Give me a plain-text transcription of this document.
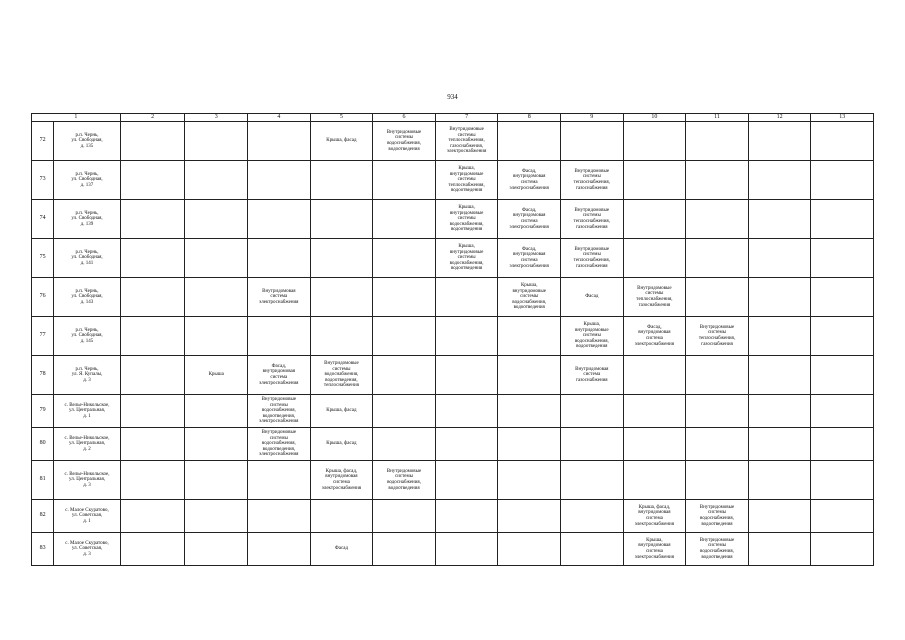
934
1		2	3	4	5	6	7	8	9	10	11	12	13
72	р.п. Чернь,
ул. Свободная,
д. 135				Крыша, фасад	Внутридомовые
системы
водоснабжения,
водоотведения	Внутридомовые
системы
теплоснабжения,
газоснабжения,
электроснабжения						
73	р.п. Чернь,
ул. Свободная,
д. 137						Крыша,
внутридомовые
системы
теплоснабжения,
водоотведения	Фасад,
внутридомовая
система
электроснабжения	Внутридомовые
системы
теплоснабжения,
газоснабжения				
74	р.п. Чернь,
ул. Свободная,
д. 139						Крыша,
внутридомовые
системы
водоснабжения,
водоотведения	Фасад,
внутридомовая
система
электроснабжения	Внутридомовые
системы
теплоснабжения,
газоснабжения				
75	р.п. Чернь,
ул. Свободная,
д. 141						Крыша,
внутридомовые
системы
водоснабжения,
водоотведения	Фасад,
внутридомовая
система
электроснабжения	Внутридомовые
системы
теплоснабжения,
газоснабжения				
76	р.п. Чернь,
ул. Свободная,
д. 143			Внутридомовая
система
электроснабжения				Крыша,
внутридомовые
системы
водоснабжения,
водоотведения	Фасад	Внутридомовые
системы
теплоснабжения,
газоснабжения			
77	р.п. Чернь,
ул. Свободная,
д. 145								Крыша,
внутридомовые
системы
водоснабжения,
водоотведения	Фасад,
внутридомовая
система
электроснабжения	Внутридомовые
системы
теплоснабжения,
газоснабжения		
78	р.п. Чернь,
ул. Я. Купалы,
д. 3		Крыша	Фасад,
внутридомовая
система
электроснабжения	Внутридомовые
системы
водоснабжения,
водоотведения,
теплоснабжения				Внутридомовая
система
газоснабжения				
79	с. Велье-Никольское,
ул. Центральная,
д. 1			Внутридомовые
системы
водоснабжения,
водоотведения,
электроснабжения	Крыша, фасад								
80	с. Велье-Никольское,
ул. Центральная,
д. 2			Внутридомовые
системы
водоснабжения,
водоотведения,
электроснабжения	Крыша, фасад								
81	с. Велье-Никольское,
ул. Центральная,
д. 3				Крыша, фасад,
внутридомовая
система
электроснабжения	Внутридомовые
системы
водоснабжения,
водоотведения							
82	с. Малое Скуратово,
ул. Советская,
д. 1									Крыша, фасад,
внутридомовая
система
электроснабжения	Внутридомовые
системы
водоснабжения,
водоотведения		
83	с. Малое Скуратово,
ул. Советская,
д. 3				Фасад					Крыша,
внутридомовая
система
электроснабжения	Внутридомовые
системы
водоснабжения,
водоотведения		
